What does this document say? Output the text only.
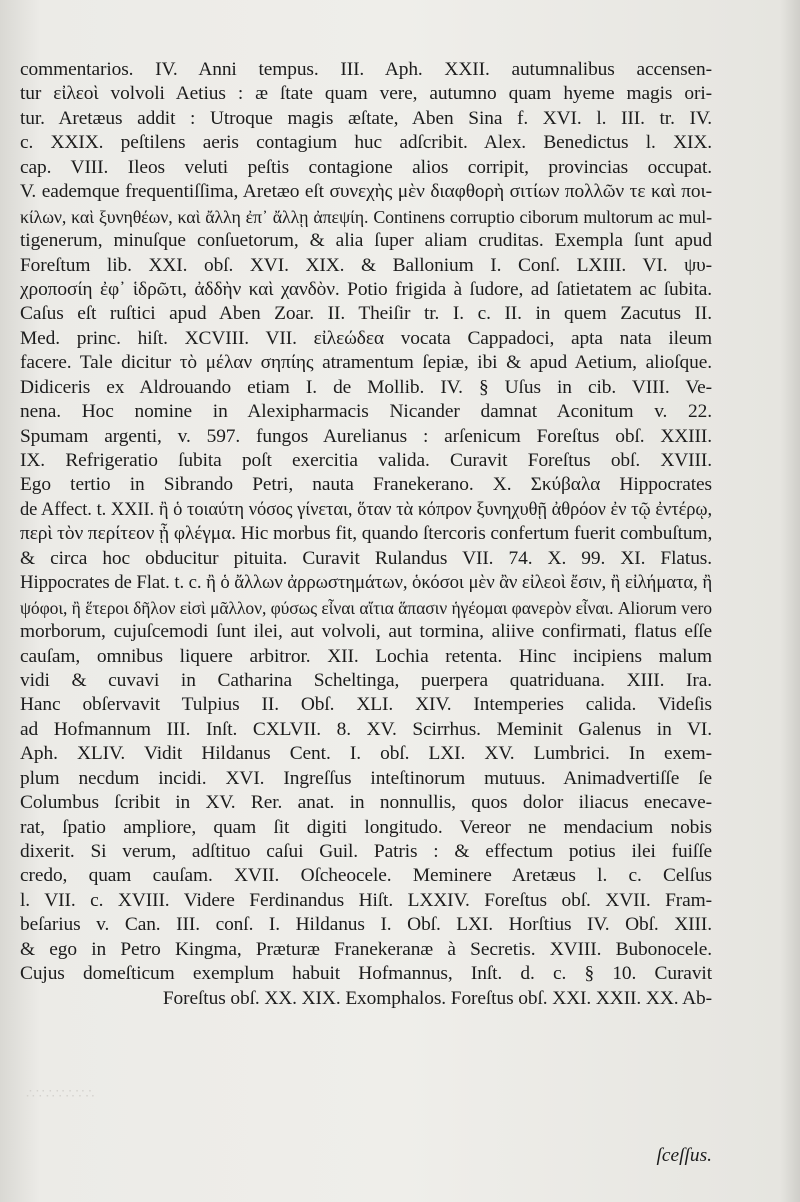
commentarios. IV. Anni tempus. III. Aph. XXII. autumnalibus accensen-
tur εἰλεοὶ volvoli Aetius : æ ſtate quam vere, autumno quam hyeme magis ori-
tur. Aretæus addit : Utroque magis æſtate, Aben Sina f. XVI. l. III. tr. IV.
c. XXIX. peſtilens aeris contagium huc adſcribit. Alex. Benedictus l. XIX.
cap. VIII. Ileos veluti peſtis contagione alios corripit, provincias occupat.
V. eademque frequentiſſima, Aretæo eſt συνεχὴς μὲν διαφθορὴ σιτίων πολλῶν τε καὶ ποι-
κίλων, καὶ ξυνηθέων, καὶ ἄλλη ἐπ᾽ ἄλλῃ ἀπεψίη. Continens corruptio ciborum multorum ac mul-
tigenerum, minuſque conſuetorum, & alia ſuper aliam cruditas. Exempla ſunt apud
Foreſtum lib. XXI. obſ. XVI. XIX. & Ballonium I. Conſ. LXIII. VI. ψυ-
χροποσίη ἐφ᾽ ἱδρῶτι, ἀδδὴν καὶ χανδὸν. Potio frigida à ſudore, ad ſatietatem ac ſubita.
Caſus eſt ruſtici apud Aben Zoar. II. Theiſir tr. I. c. II. in quem Zacutus II.
Med. princ. hiſt. XCVIII. VII. εἰλεώδεα vocata Cappadoci, apta nata ileum
facere. Tale dicitur τὸ μέλαν σηπίης atramentum ſepiæ, ibi & apud Aetium, alioſque.
Didiceris ex Aldrouando etiam I. de Mollib. IV. § Uſus in cib. VIII. Ve-
nena. Hoc nomine in Alexipharmacis Nicander damnat Aconitum v. 22.
Spumam argenti, v. 597. fungos Aurelianus : arſenicum Foreſtus obſ. XXIII.
IX. Refrigeratio ſubita poſt exercitia valida. Curavit Foreſtus obſ. XVIII.
Ego tertio in Sibrando Petri, nauta Franekerano. X. Σκύβαλα Hippocrates
de Affect. t. XXII. ἢ ὁ τοιαύτη νόσος γίνεται, ὅταν τὰ κόπρον ξυνηχυθῇ ἀθρόον ἐν τῷ ἐντέρῳ,
περὶ τὸν περίτεον ᾖ φλέγμα. Hic morbus fit, quando ſtercoris confertum fuerit combuſtum,
& circa hoc obducitur pituita. Curavit Rulandus VII. 74. X. 99. XI. Flatus.
Hippocrates de Flat. t. c. ἢ ὁ ἄλλων ἀρρωστημάτων, ὁκόσοι μὲν ἂν εἰλεοὶ ἔσιν, ἢ εἰλήματα, ἢ
ψόφοι, ἢ ἕτεροι δῆλον εἰσὶ μᾶλλον, φύσως εἶναι αἴτια ἅπασιν ἡγέομαι φανερὸν εἶναι. Aliorum vero
morborum, cujuſcemodi ſunt ilei, aut volvoli, aut tormina, aliive confirmati, flatus eſſe
cauſam, omnibus liquere arbitror. XII. Lochia retenta. Hinc incipiens malum
vidi & cuvavi in Catharina Scheltinga, puerpera quatriduana. XIII. Ira.
Hanc obſervavit Tulpius II. Obſ. XLI. XIV. Intemperies calida. Videſis
ad Hofmannum III. Inſt. CXLVII. 8. XV. Scirrhus. Meminit Galenus in VI.
Aph. XLIV. Vidit Hildanus Cent. I. obſ. LXI. XV. Lumbrici. In exem-
plum necdum incidi. XVI. Ingreſſus inteſtinorum mutuus. Animadvertiſſe ſe
Columbus ſcribit in XV. Rer. anat. in nonnullis, quos dolor iliacus enecave-
rat, ſpatio ampliore, quam ſit digiti longitudo. Vereor ne mendacium nobis
dixerit. Si verum, adſtituo caſui Guil. Patris : & effectum potius ilei fuiſſe
credo, quam cauſam. XVII. Oſcheocele. Meminere Aretæus l. c. Celſus
l. VII. c. XVIII. Videre Ferdinandus Hiſt. LXXIV. Foreſtus obſ. XVII. Fram-
beſarius v. Can. III. conſ. I. Hildanus I. Obſ. LXI. Horſtius IV. Obſ. XIII.
& ego in Petro Kingma, Præturæ Franekeranæ à Secretis. XVIII. Bubonocele.
Cujus domeſticum exemplum habuit Hofmannus, Inſt. d. c. § 10. Curavit
Foreſtus obſ. XX. XIX. Exomphalos. Foreſtus obſ. XXI. XXII. XX. Ab-
ſceſſus.
∴∵∴∵∴∵∴
